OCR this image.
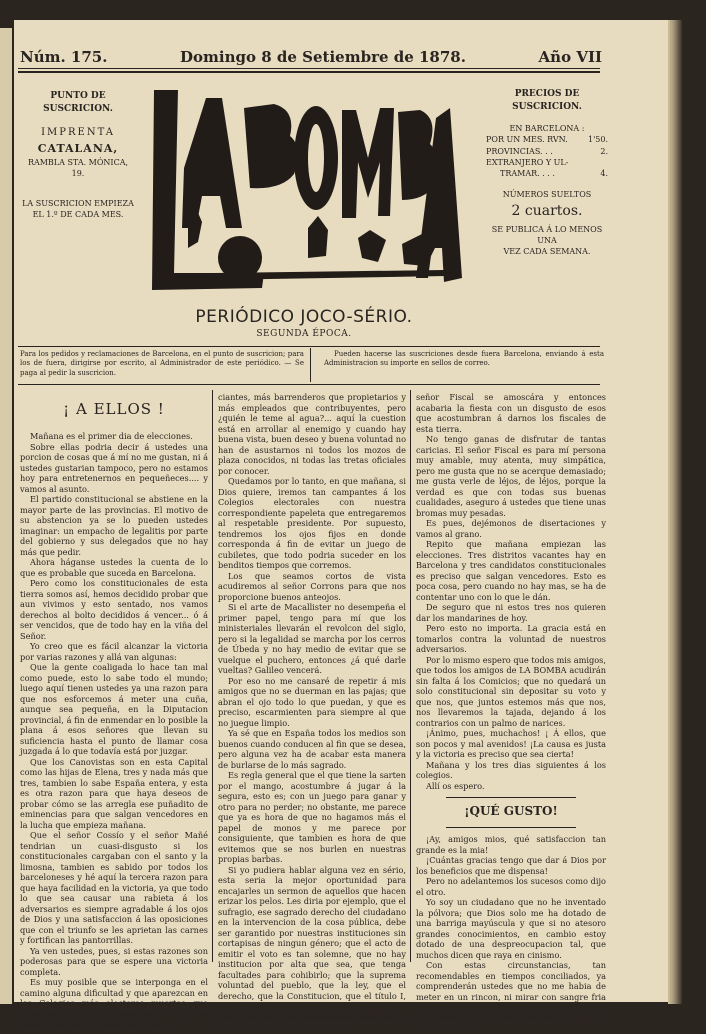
Núm. 175.	Domingo 8 de Setiembre de 1878.	Año VII
PUNTO DE SUSCRICION.
IMPRENTA
CATALANA,
RAMBLA STA. MÓNICA, 19.
LA SUSCRICION EMPIEZA
EL 1.º DE CADA MES.
PERIÓDICO JOCO-SÉRIO.
SEGUNDA ÉPOCA.
PRECIOS DE SUSCRICION.
EN BARCELONA :
POR UN MES. RVN.	1'50.
PROVINCIAS. . .	2.
EXTRANJERO Y UL-
TRAMAR. . . .	4.
NÚMEROS SUELTOS
2 cuartos.
SE PUBLICA Á LO MENOS UNA
VEZ CADA SEMANA.
Para los pedidos y reclamaciones de Barcelona, en el punto de suscricion; para los de fuera, dirigirse por escrito, al Administrador de este periódico. — Se paga al pedir la suscricion.
Pueden hacerse las suscriciones desde fuera Barcelona, enviando á esta Administracion su importe en sellos de correo.
¡ A ELLOS !

Mañana es el primer dia de elecciones.

Sobre ellas podria decir á ustedes una porcion de cosas que á mí no me gustan, ni á ustedes gustarian tampoco, pero no estamos hoy para entretenernos en pequeñeces.... y vamos al asunto.

El partido constitucional se abstiene en la mayor parte de las provincias. El motivo de su abstencion ya se lo pueden ustedes imaginar: un empacho de legalitis por parte del gobierno y sus delegados que no hay más que pedir.

Ahora háganse ustedes la cuenta de lo que es probable que suceda en Barcelona.

Pero como los constitucionales de esta tierra somos así, hemos decidido probar que aun vivimos y esto sentado, nos vamos derechos al bolto decididos á vencer... ó á ser vencidos, que de todo hay en la viña del Señor.

Yo creo que es fácil alcanzar la victoria por varias razones y allá van algunas:

Que la gente coaligada lo hace tan mal como puede, esto lo sabe todo el mundo; luego aquí tienen ustedes ya una razon para que nos esforcemos á meter una cuña, aunque sea pequeña, en la Diputacion provincial, á fin de enmendar en lo posible la plana á esos señores que llevan su suficiencia hasta el punto de llamar cosa juzgada á lo que todavía está por juzgar.

Que los Canovistas son en esta Capital como las hijas de Elena, tres y nada más que tres, tambien lo sabe España entera, y esta es otra razon para que haya deseos de probar cómo se las arregla ese puñadito de eminencias para que salgan vencedores en la lucha que empieza mañana.

Que el señor Cossío y el señor Mañé tendrian un cuasi-disgusto si los constitucionales cargaban con el santo y la limosna, tambien es sabido por todos los barceloneses y hé aquí la tercera razon para que haya facilidad en la victoria, ya que todo lo que sea causar una rabieta á los adversarios es siempre agradable á los ojos de Dios y una satisfaccion á las oposiciones que con el triunfo se les aprietan las carnes y fortifican las pantorrillas.

Ya ven ustedes, pues, si estas razones son poderosas para que se espere una victoria completa.

Es muy posible que se interponga en el camino alguna dificultad y que aparezcan en los Colegios más electores muertos que vivos, más de los que cobran más de los que pagan, más municipales que comer-

ciantes, más barrenderos que propietarios y más empleados que contribuyentes, pero ¿quién le teme al agua?... aquí la cuestion está en arrollar al enemigo y cuando hay buena vista, buen deseo y buena voluntad no han de asustarnos ni todos los mozos de plaza conocidos, ni todas las tretas oficiales por conocer.

Quedamos por lo tanto, en que mañana, si Dios quiere, iremos tan campantes á los Colegios electorales con nuestra correspondiente papeleta que entregaremos al respetable presidente. Por supuesto, tendremos los ojos fijos en donde corresponda á fin de evitar un juego de cubiletes, que todo podria suceder en los benditos tiempos que corremos.

Los que seamos cortos de vista acudiremos al señor Corrons para que nos proporcione buenos anteojos.

Si el arte de Macallister no desempeña el primer papel, tengo para mí que los ministeriales llevarán el revolcon del siglo, pero si la legalidad se marcha por los cerros de Úbeda y no hay medio de evitar que se vuelque el puchero, entonces ¿á qué darle vueltas? Galileo vencerá.

Por eso no me cansaré de repetir á mis amigos que no se duerman en las pajas; que abran el ojo todo lo que puedan, y que es preciso, escarmienten para siempre al que no juegue limpio.

Ya sé que en España todos los medios son buenos cuando conducen al fin que se desea, pero alguna vez ha de acabar esta manera de burlarse de lo más sagrado.

Es regla general que el que tiene la sarten por el mango, acostumbre á jugar á la segura, esto es; con un juego para ganar y otro para no perder; no obstante, me parece que ya es hora de que no hagamos más el papel de monos y me parece por consiguiente, que tambien es hora de que evitemos que se nos burlen en nuestras propias barbas.

Si yo pudiera hablar alguna vez en sério, esta seria la mejor oportunidad para encajarles un sermon de aquellos que hacen erizar los pelos. Les diria por ejemplo, que el sufragio, ese sagrado derecho del ciudadano en la intervencion de la cosa pública, debe ser garantido por nuestras instituciones sin cortapisas de ningun género; que el acto de emitir el voto es tan solemne, que no hay institucion por alta que sea, que tenga facultades para cohibirlo; que la suprema voluntad del pueblo, que la ley, que el derecho, que la Constitucion, que el título I, que... vaya, dejémoslo correr porque me estoy metiendo en demasiadas honduras y nada tendria de extraño que el

señor Fiscal se amoscára y entonces acabaria la fiesta con un disgusto de esos que acostumbran á darnos los fiscales de esta tierra.

No tengo ganas de disfrutar de tantas caricias. El señor Fiscal es para mí persona muy amable, muy atenta, muy simpática, pero me gusta que no se acerque demasiado; me gusta verle de léjos, de léjos, porque la verdad es que con todas sus buenas cualidades, aseguro á ustedes que tiene unas bromas muy pesadas.

Es pues, dejémonos de disertaciones y vamos al grano.

Repito que mañana empiezan las elecciones. Tres distritos vacantes hay en Barcelona y tres candidatos constitucionales es preciso que salgan vencedores. Esto es poca cosa, pero cuando no hay mas, se ha de contentar uno con lo que le dán.

De seguro que ni estos tres nos quieren dar los mandarines de hoy.

Pero esto no importa. La gracia está en tomarlos contra la voluntad de nuestros adversarios.

Por lo mismo espero que todos mis amigos, que todos los amigos de LA BOMBA acudirán sin falta á los Comicios; que no quedará un solo constitucional sin depositar su voto y que nos, que juntos estemos más que nos, nos llevaremos la tajada, dejando á los contrarios con un palmo de narices.

¡Ánimo, pues, muchachos! ¡ Á ellos, que son pocos y mal avenidos! ¡La causa es justa y la victoria es preciso que sea cierta!

Mañana y los tres dias siguientes á los colegios.

Allí os espero.

¡QUÉ GUSTO!

¡Ay, amigos mios, qué satisfaccion tan grande es la mia!

¡Cuántas gracias tengo que dar á Dios por los beneficios que me dispensa!

Pero no adelantemos los sucesos como dijo el otro.

Yo soy un ciudadano que no he inventado la pólvora; que Dios solo me ha dotado de una barriga mayúscula y que si no atesoro grandes conocimientos, en cambio estoy dotado de una despreocupacion tal, que muchos dicen que raya en cinismo.

Con estas circunstancias, tan recomendables en tiempos conciliados, ya comprenderán ustedes que no me habia de meter en un rincon, ni mirar con sangre fria como transcurrian los años sin que mi patria paladeara todo el tesoro de mis especiales conocimientos.
